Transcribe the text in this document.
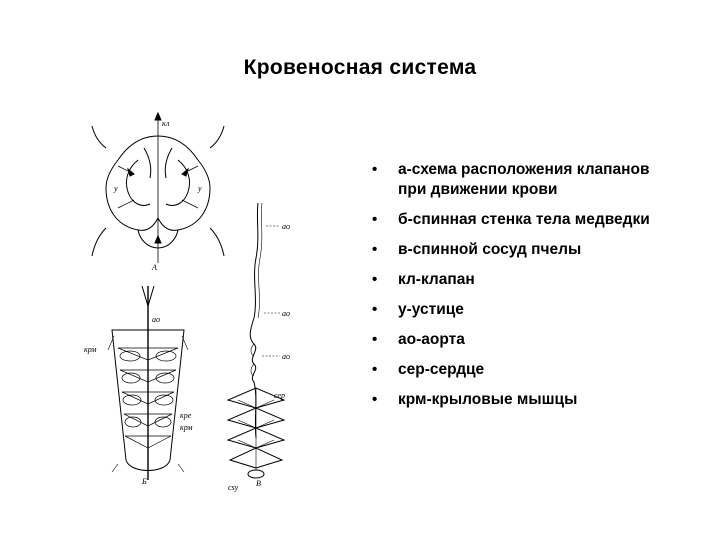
Кровеносная система
кл
у	у
А
ао
крм
кре
крм
Б
ао
ао
ао
сер
сsy В
• а-схема расположения клапанов при движении крови
• б-спинная стенка тела медведки
• в-спинной сосуд пчелы
• кл-клапан
• у-устице
• ао-аорта
• сер-сердце
• крм-крыловые мышцы
